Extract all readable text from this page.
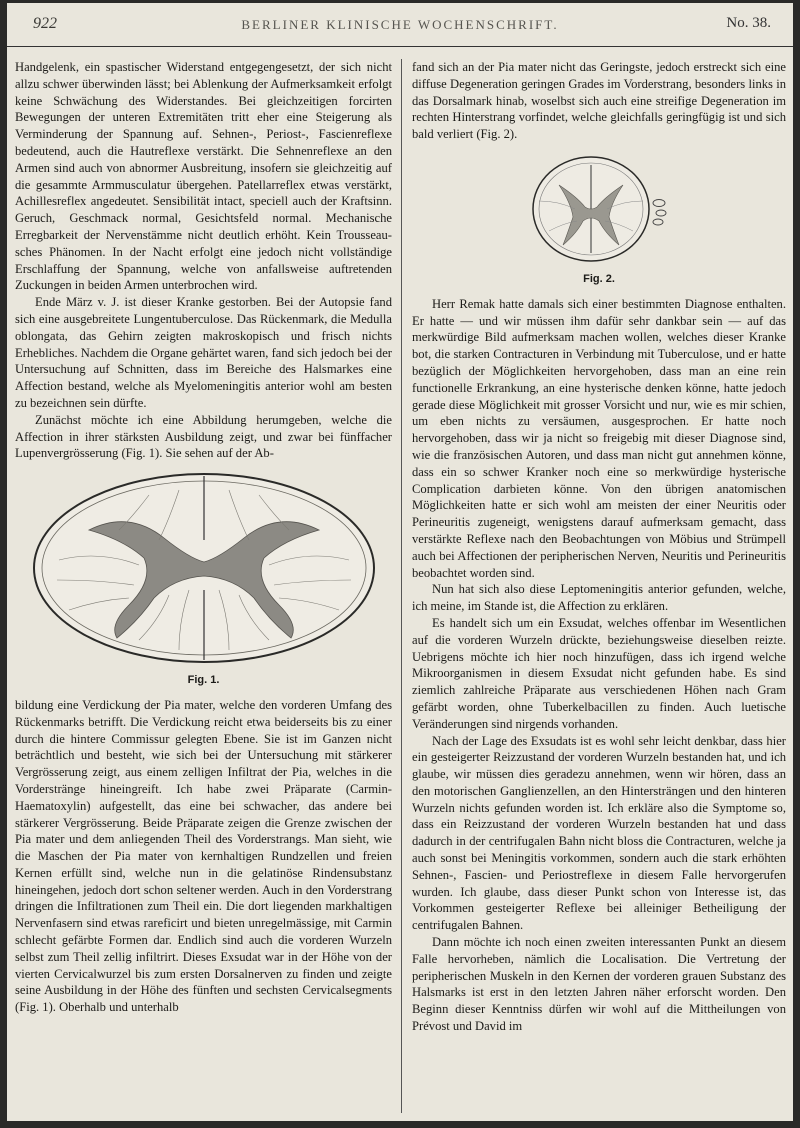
922	BERLINER KLINISCHE WOCHENSCHRIFT.	No. 38.

Handgelenk, ein spastischer Widerstand entgegengesetzt, der sich nicht allzu schwer überwinden lässt; bei Ablenkung der Aufmerksamkeit erfolgt keine Schwächung des Widerstandes. Bei gleichzeitigen forcirten Bewegungen der unteren Extremitäten tritt eher eine Steigerung als Verminderung der Spannung auf. Sehnen-, Periost-, Fascienreflexe bedeutend, auch die Hautreflexe verstärkt. Die Sehnenreflexe an den Armen sind auch von abnormer Ausbreitung, insofern sie gleichzeitig auf die gesammte Armmusculatur übergehen. Patellarreflex etwas verstärkt, Achillesreflex angedeutet. Sensibilität intact, speciell auch der Kraftsinn. Geruch, Geschmack normal, Gesichtsfeld normal. Mechanische Erregbarkeit der Nervenstämme nicht deutlich erhöht. Kein Trousseau-sches Phänomen. In der Nacht erfolgt eine jedoch nicht vollständige Erschlaffung der Spannung, welche von anfallsweise auftretenden Zuckungen in beiden Armen unterbrochen wird.

Ende März v. J. ist dieser Kranke gestorben. Bei der Autopsie fand sich eine ausgebreitete Lungentuberculose. Das Rückenmark, die Medulla oblongata, das Gehirn zeigten makroskopisch und frisch nichts Erhebliches. Nachdem die Organe gehärtet waren, fand sich jedoch bei der Untersuchung auf Schnitten, dass im Bereiche des Halsmarkes eine Affection bestand, welche als Myelomeningitis anterior wohl am besten zu bezeichnen sein dürfte.

Zunächst möchte ich eine Abbildung herumgeben, welche die Affection in ihrer stärksten Ausbildung zeigt, und zwar bei fünffacher Lupenvergrösserung (Fig. 1). Sie sehen auf der Ab-

Fig. 1.

bildung eine Verdickung der Pia mater, welche den vorderen Umfang des Rückenmarks betrifft. Die Verdickung reicht etwa beiderseits bis zu einer durch die hintere Commissur gelegten Ebene. Sie ist im Ganzen nicht beträchtlich und besteht, wie sich bei der Untersuchung mit stärkerer Vergrösserung zeigt, aus einem zelligen Infiltrat der Pia, welches in die Vorderstränge hineingreift. Ich habe zwei Präparate (Carmin-Haematoxylin) aufgestellt, das eine bei schwacher, das andere bei stärkerer Vergrösserung. Beide Präparate zeigen die Grenze zwischen der Pia mater und dem anliegenden Theil des Vorderstrangs. Man sieht, wie die Maschen der Pia mater von kernhaltigen Rundzellen und freien Kernen erfüllt sind, welche nun in die gelatinöse Rindensubstanz hineingehen, jedoch dort schon seltener werden. Auch in den Vorderstrang dringen die Infiltrationen zum Theil ein. Die dort liegenden markhaltigen Nervenfasern sind etwas rareficirt und bieten unregelmässige, mit Carmin schlecht gefärbte Formen dar. Endlich sind auch die vorderen Wurzeln selbst zum Theil zellig infiltrirt. Dieses Exsudat war in der Höhe von der vierten Cervicalwurzel bis zum ersten Dorsalnerven zu finden und zeigte seine Ausbildung in der Höhe des fünften und sechsten Cervicalsegments (Fig. 1). Oberhalb und unterhalb

fand sich an der Pia mater nicht das Geringste, jedoch erstreckt sich eine diffuse Degeneration geringen Grades im Vorderstrang, besonders links in das Dorsalmark hinab, woselbst sich auch eine streifige Degeneration im rechten Hinterstrang vorfindet, welche gleichfalls geringfügig ist und sich bald verliert (Fig. 2).

Fig. 2.

Herr Remak hatte damals sich einer bestimmten Diagnose enthalten. Er hatte — und wir müssen ihm dafür sehr dankbar sein — auf das merkwürdige Bild aufmerksam machen wollen, welches dieser Kranke bot, die starken Contracturen in Verbindung mit Tuberculose, und er hatte bezüglich der Möglichkeiten hervorgehoben, dass man an eine rein functionelle Erkrankung, an eine hysterische denken könne, hatte jedoch gerade diese Möglichkeit mit grosser Vorsicht und nur, wie es mir schien, um eben nichts zu versäumen, ausgesprochen. Er hatte noch hervorgehoben, dass wir ja nicht so freigebig mit dieser Diagnose sind, wie die französischen Autoren, und dass man nicht gut annehmen könne, dass ein so schwer Kranker noch eine so merkwürdige hysterische Complication darbieten könne. Von den übrigen anatomischen Möglichkeiten hatte er sich wohl am meisten der einer Neuritis oder Perineuritis zugeneigt, wenigstens darauf aufmerksam gemacht, dass verstärkte Reflexe nach den Beobachtungen von Möbius und Strümpell auch bei Affectionen der peripherischen Nerven, Neuritis und Perineuritis beobachtet worden sind.

Nun hat sich also diese Leptomeningitis anterior gefunden, welche, ich meine, im Stande ist, die Affection zu erklären.

Es handelt sich um ein Exsudat, welches offenbar im Wesentlichen auf die vorderen Wurzeln drückte, beziehungsweise dieselben reizte. Uebrigens möchte ich hier noch hinzufügen, dass ich irgend welche Mikroorganismen in diesem Exsudat nicht gefunden habe. Es sind ziemlich zahlreiche Präparate aus verschiedenen Höhen nach Gram gefärbt worden, ohne Tuberkelbacillen zu finden. Auch luetische Veränderungen sind nirgends vorhanden.

Nach der Lage des Exsudats ist es wohl sehr leicht denkbar, dass hier ein gesteigerter Reizzustand der vorderen Wurzeln bestanden hat, und ich glaube, wir müssen dies geradezu annehmen, wenn wir hören, dass an den motorischen Ganglienzellen, an den Hintersträngen und den hinteren Wurzeln nichts gefunden worden ist. Ich erkläre also die Symptome so, dass ein Reizzustand der vorderen Wurzeln bestanden hat und dass dadurch in der centrifugalen Bahn nicht bloss die Contracturen, welche ja auch sonst bei Meningitis vorkommen, sondern auch die stark erhöhten Sehnen-, Fascien- und Periostreflexe in diesem Falle hervorgerufen wurden. Ich glaube, dass dieser Punkt schon von Interesse ist, das Vorkommen gesteigerter Reflexe bei alleiniger Betheiligung der centrifugalen Bahnen.

Dann möchte ich noch einen zweiten interessanten Punkt an diesem Falle hervorheben, nämlich die Localisation. Die Vertretung der peripherischen Muskeln in den Kernen der vorderen grauen Substanz des Halsmarks ist erst in den letzten Jahren näher erforscht worden. Den Beginn dieser Kenntniss dürfen wir wohl auf die Mittheilungen von Prévost und David im
